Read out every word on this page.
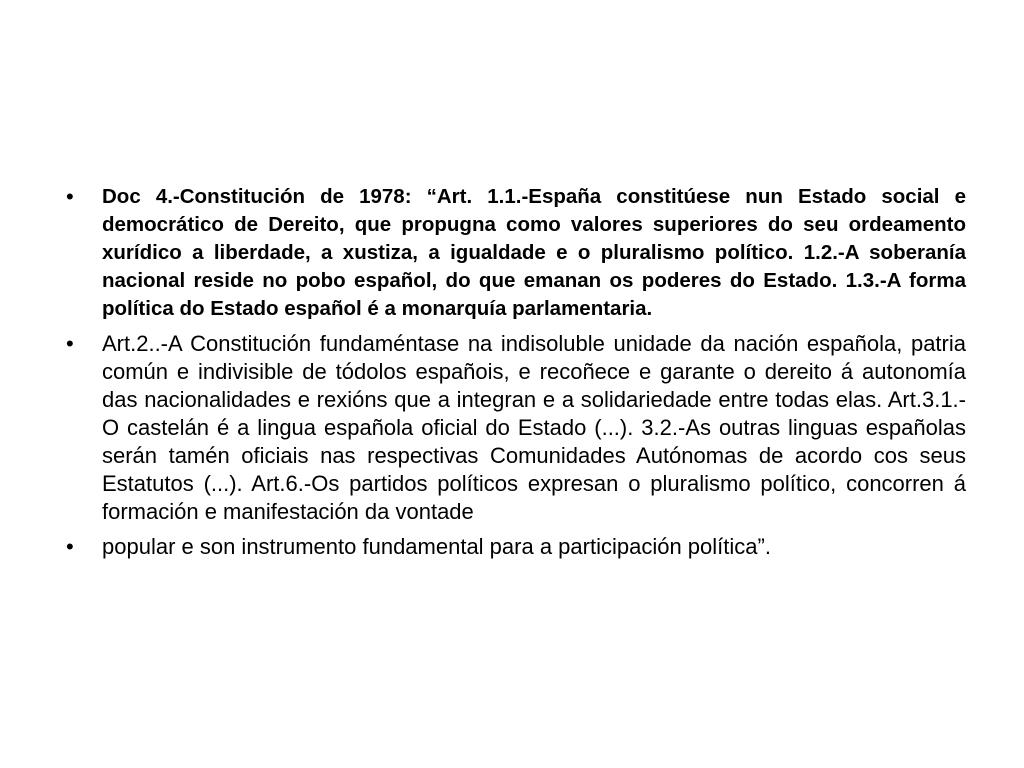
•	Doc 4.-Constitución de 1978: “Art. 1.1.-España constitúese nun Estado social e democrático de Dereito, que propugna como valores superiores do seu ordeamento xurídico a liberdade, a xustiza, a igualdade e o pluralismo político. 1.2.-A soberanía nacional reside no pobo español, do que emanan os poderes do Estado. 1.3.-A forma política do Estado español é a monarquía parlamentaria.
•	Art.2..-A Constitución fundaméntase na indisoluble unidade da nación española, patria común e indivisible de tódolos españois, e recoñece e garante o dereito á autonomía das nacionalidades e rexións que a integran e a solidariedade entre todas elas. Art.3.1.-O castelán é a lingua española oficial do Estado (...). 3.2.-As outras linguas españolas serán tamén oficiais nas respectivas Comunidades Autónomas de acordo cos seus Estatutos (...). Art.6.-Os partidos políticos expresan o pluralismo político, concorren á formación e manifestación da vontade
•	popular e son instrumento fundamental para a participación política”.
